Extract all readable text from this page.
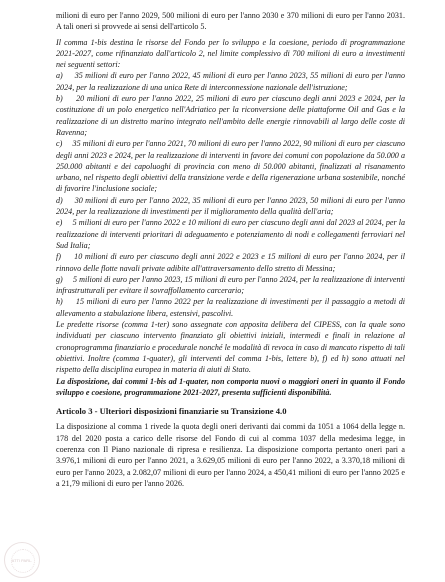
milioni di euro per l'anno 2029, 500 milioni di euro per l'anno 2030 e 370 milioni di euro per l'anno 2031. A tali oneri si provvede ai sensi dell'articolo 5.

Il comma 1-bis destina le risorse del Fondo per lo sviluppo e la coesione, periodo di programmazione 2021-2027, come rifinanziato dall'articolo 2, nel limite complessivo di 700 milioni di euro a investimenti nei seguenti settori:

a)     35 milioni di euro per l'anno 2022, 45 milioni di euro per l'anno 2023, 55 milioni di euro per l'anno 2024, per la realizzazione di una unica Rete di interconnessione nazionale dell'istruzione;

b)     20 milioni di euro per l'anno 2022, 25 milioni di euro per ciascuno degli anni 2023 e 2024, per la costituzione di un polo energetico nell'Adriatico per la riconversione delle piattaforme Oil and Gas e la realizzazione di un distretto marino integrato nell'ambito delle energie rinnovabili al largo delle coste di Ravenna;

c)     35 milioni di euro per l'anno 2021, 70 milioni di euro per l'anno 2022, 90 milioni di euro per ciascuno degli anni 2023 e 2024, per la realizzazione di interventi in favore dei comuni con popolazione da 50.000 a 250.000 abitanti e dei capoluoghi di provincia con meno di 50.000 abitanti, finalizzati al risanamento urbano, nel rispetto degli obiettivi della transizione verde e della rigenerazione urbana sostenibile, nonché di favorire l'inclusione sociale;

d)     30 milioni di euro per l'anno 2022, 35 milioni di euro per l'anno 2023, 50 milioni di euro per l'anno 2024, per la realizzazione di investimenti per il miglioramento della qualità dell'aria;

e)     5 milioni di euro per l'anno 2022 e 10 milioni di euro per ciascuno degli anni dal 2023 al 2024, per la realizzazione di interventi prioritari di adeguamento e potenziamento di nodi e collegamenti ferroviari nel Sud Italia;

f)     10 milioni di euro per ciascuno degli anni 2022 e 2023 e 15 milioni di euro per l'anno 2024, per il rinnovo delle flotte navali private adibite all'attraversamento dello stretto di Messina;

g)     5 milioni di euro per l'anno 2023, 15 milioni di euro per l'anno 2024, per la realizzazione di interventi infrastrutturali per evitare il sovraffollamento carcerario;

h)     15 milioni di euro per l'anno 2022 per la realizzazione di investimenti per il passaggio a metodi di allevamento a stabulazione libera, estensivi, pascolivi.

Le predette risorse (comma 1-ter) sono assegnate con apposita delibera del CIPESS, con la quale sono individuati per ciascuno intervento finanziato gli obiettivi iniziali, intermedi e finali in relazione al cronoprogramma finanziario e procedurale nonché le modalità di revoca in caso di mancato rispetto di tali obiettivi. Inoltre (comma 1-quater), gli interventi del comma 1-bis, lettere b), f) ed h) sono attuati nel rispetto della disciplina europea in materia di aiuti di Stato.

La disposizione, dai commi 1-bis ad 1-quater, non comporta nuovi o maggiori oneri in quanto il Fondo sviluppo e coesione, programmazione 2021-2027, presenta sufficienti disponibilità.

Articolo 3 - Ulteriori disposizioni finanziarie su Transizione 4.0

La disposizione al comma 1 rivede la quota degli oneri derivanti dai commi da 1051 a 1064 della legge n. 178 del 2020 posta a carico delle risorse del Fondo di cui al comma 1037 della medesima legge, in coerenza con Il Piano nazionale di ripresa e resilienza. La disposizione comporta pertanto oneri pari a 3.976,1 milioni di euro per l'anno 2021, a 3.629,05 milioni di euro per l'anno 2022, a 3.370,18 milioni di euro per l'anno 2023, a 2.082,07 milioni di euro per l'anno 2024, a 450,41 milioni di euro per l'anno 2025 e a 21,79 milioni di euro per l'anno 2026.

ATTI PARL.
